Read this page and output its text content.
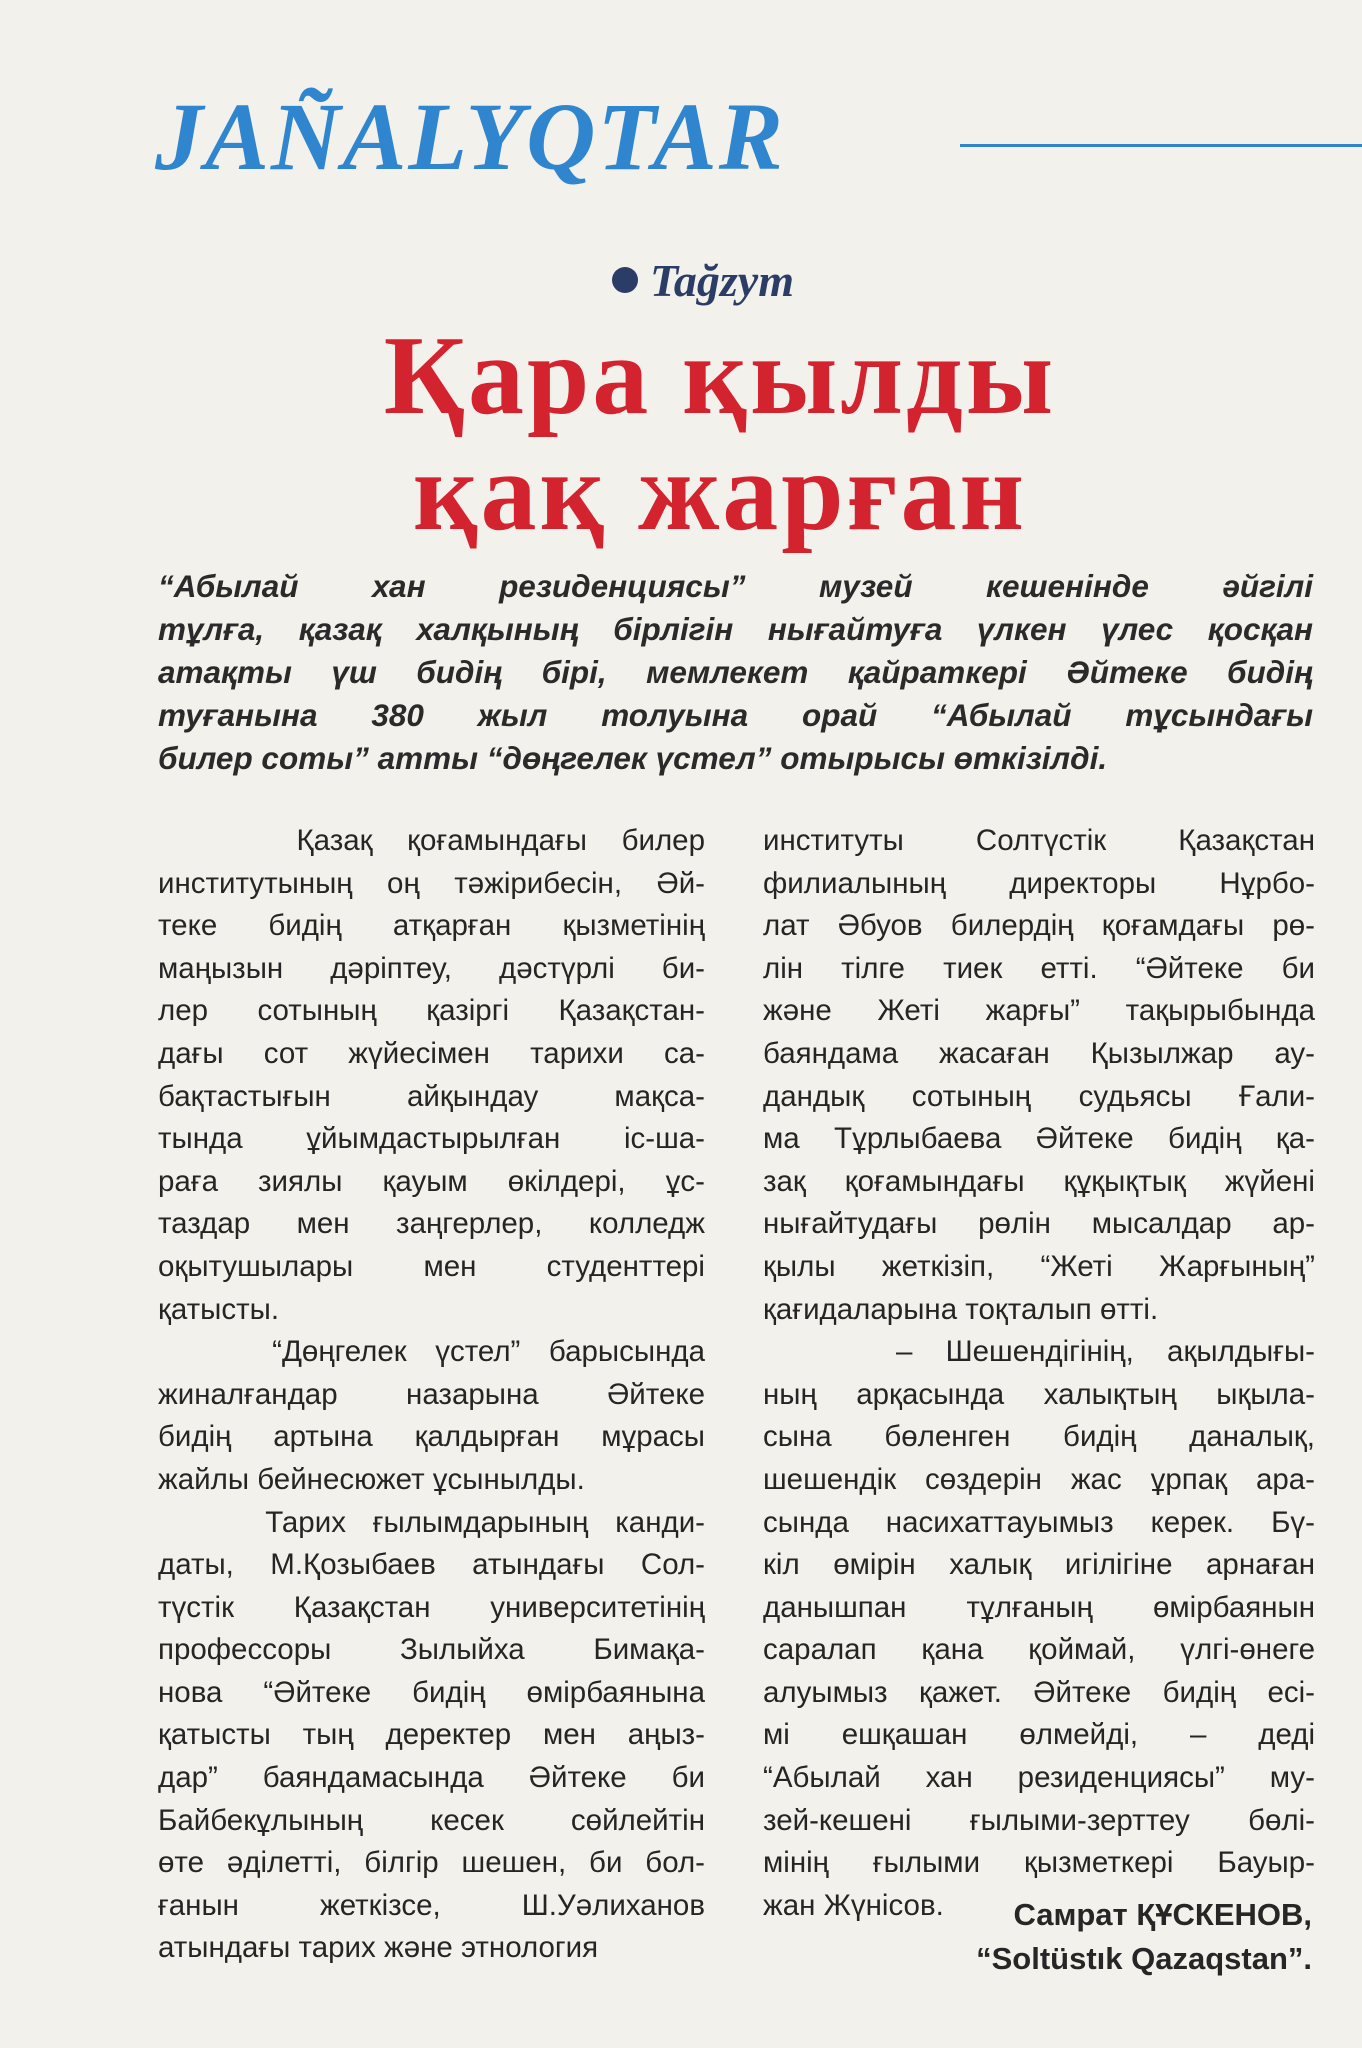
JAÑALYQTAR
Tağzym
Қара қылды
қақ жарған
“Абылай хан резиденциясы” музей кешенінде әйгілі
тұлға, қазақ халқының бірлігін нығайтуға үлкен үлес қосқан
атақты үш бидің бірі, мемлекет қайраткері Әйтеке бидің
туғанына 380 жыл толуына орай “Абылай тұсындағы
билер соты” атты “дөңгелек үстел” отырысы өткізілді.
Қазақ қоғамындағы билер
институтының оң тәжірибесін, Әй-
теке бидің атқарған қызметінің
маңызын дәріптеу, дәстүрлі би-
лер сотының қазіргі Қазақстан-
дағы сот жүйесімен тарихи са-
бақтастығын айқындау мақса-
тында ұйымдастырылған іс-ша-
раға зиялы қауым өкілдері, ұс-
таздар мен заңгерлер, колледж
оқытушылары мен студенттері
қатысты.
“Дөңгелек үстел” барысында
жиналғандар назарына Әйтеке
бидің артына қалдырған мұрасы
жайлы бейнесюжет ұсынылды.
Тарих ғылымдарының канди-
даты, М.Қозыбаев атындағы Сол-
түстік Қазақстан университетінің
профессоры Зылыйха Бимақа-
нова “Әйтеке бидің өмірбаянына
қатысты тың деректер мен аңыз-
дар” баяндамасында Әйтеке би
Байбекұлының кесек сөйлейтін
өте әділетті, білгір шешен, би бол-
ғанын жеткізсе, Ш.Уәлиханов
атындағы тарих және этнология
институты Солтүстік Қазақстан
филиалының директоры Нұрбо-
лат Әбуов билердің қоғамдағы рө-
лін тілге тиек етті. “Әйтеке би
және Жеті жарғы” тақырыбында
баяндама жасаған Қызылжар ау-
дандық сотының судьясы Ғали-
ма Тұрлыбаева Әйтеке бидің қа-
зақ қоғамындағы құқықтық жүйені
нығайтудағы рөлін мысалдар ар-
қылы жеткізіп, “Жеті Жарғының”
қағидаларына тоқталып өтті.
– Шешендігінің, ақылдығы-
ның арқасында халықтың ықыла-
сына бөленген бидің даналық,
шешендік сөздерін жас ұрпақ ара-
сында насихаттауымыз керек. Бү-
кіл өмірін халық игілігіне арнаған
данышпан тұлғаның өмірбаянын
саралап қана қоймай, үлгі-өнеге
алуымыз қажет. Әйтеке бидің есі-
мі ешқашан өлмейді, – деді
“Абылай хан резиденциясы” му-
зей-кешені ғылыми-зерттеу бөлі-
мінің ғылыми қызметкері Бауыр-
жан Жүнісов.	Самрат ҚҰСКЕНОВ,
“Soltüstık Qazaqstan”.
